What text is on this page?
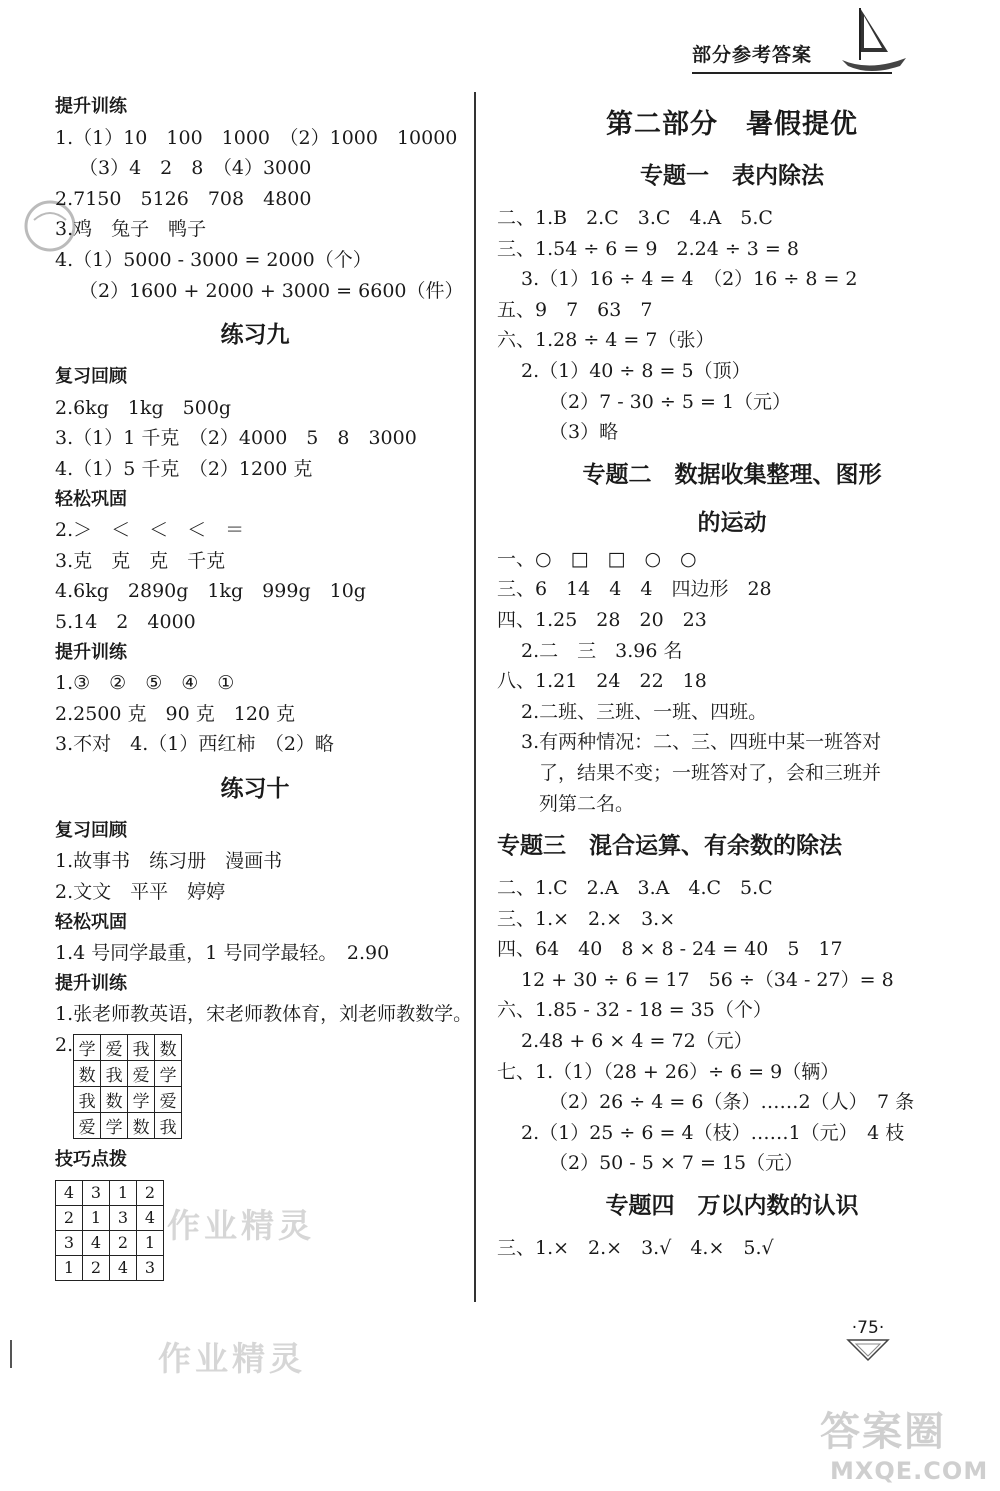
部分参考答案
提升训练
1.（1）10　100　1000　（2）1000　10000
（3）4　2　8　（4）3000
2.7150　5126　708　4800
3.鸡　兔子　鸭子
4.（1）5000 - 3000 = 2000（个）
（2）1600 + 2000 + 3000 = 6600（件）
练习九
复习回顾
2.6kg　1kg　500g
3.（1）1 千克　（2）4000　5　8　3000
4.（1）5 千克　（2）1200 克
轻松巩固
2.＞　＜　＜　＜　＝
3.克　克　克　千克
4.6kg　2890g　1kg　999g　10g
5.14　2　4000
提升训练
1.③　②　⑤　④　①
2.2500 克　90 克　120 克
3.不对　4.（1）西红柿　（2）略
练习十
复习回顾
1.故事书　练习册　漫画书
2.文文　平平　婷婷
轻松巩固
1.4 号同学最重，1 号同学最轻。　2.90
提升训练
1.张老师教英语，宋老师教体育，刘老师教数学。
2. 学	爱	我	数
数	我	爱	学
我	数	学	爱
爱	学	数	我
技巧点拨
4	3	1	2
2	1	3	4
3	4	2	1
1	2	4	3
第二部分　暑假提优
专题一　表内除法
二、1.B　2.C　3.C　4.A　5.C
三、1.54 ÷ 6 = 9　2.24 ÷ 3 = 8
3.（1）16 ÷ 4 = 4　（2）16 ÷ 8 = 2
五、9　7　63　7
六、1.28 ÷ 4 = 7（张）
2.（1）40 ÷ 8 = 5（顶）
（2）7 - 30 ÷ 5 = 1（元）
（3）略
专题二　数据收集整理、图形
的运动
一、○　□　□　○　○
三、6　14　4　4　四边形　28
四、1.25　28　20　23
2.二　三　3.96 名
八、1.21　24　22　18
2.二班、三班、一班、四班。
3.有两种情况：二、三、四班中某一班答对
了，结果不变；一班答对了，会和三班并
列第二名。
专题三　混合运算、有余数的除法
二、1.C　2.A　3.A　4.C　5.C
三、1.×　2.×　3.×
四、64　40　8 × 8 - 24 = 40　5　17
12 + 30 ÷ 6 = 17　56 ÷（34 - 27）= 8
六、1.85 - 32 - 18 = 35（个）
2.48 + 6 × 4 = 72（元）
七、1.（1）（28 + 26）÷ 6 = 9（辆）
（2）26 ÷ 4 = 6（条）……2（人）　7 条
2.（1）25 ÷ 6 = 4（枝）……1（元）　4 枝
（2）50 - 5 × 7 = 15（元）
专题四　万以内数的认识
三、1.×　2.×　3.√　4.×　5.√
作业精灵
作业精灵
·75·
答案圈
MXQE.COM
